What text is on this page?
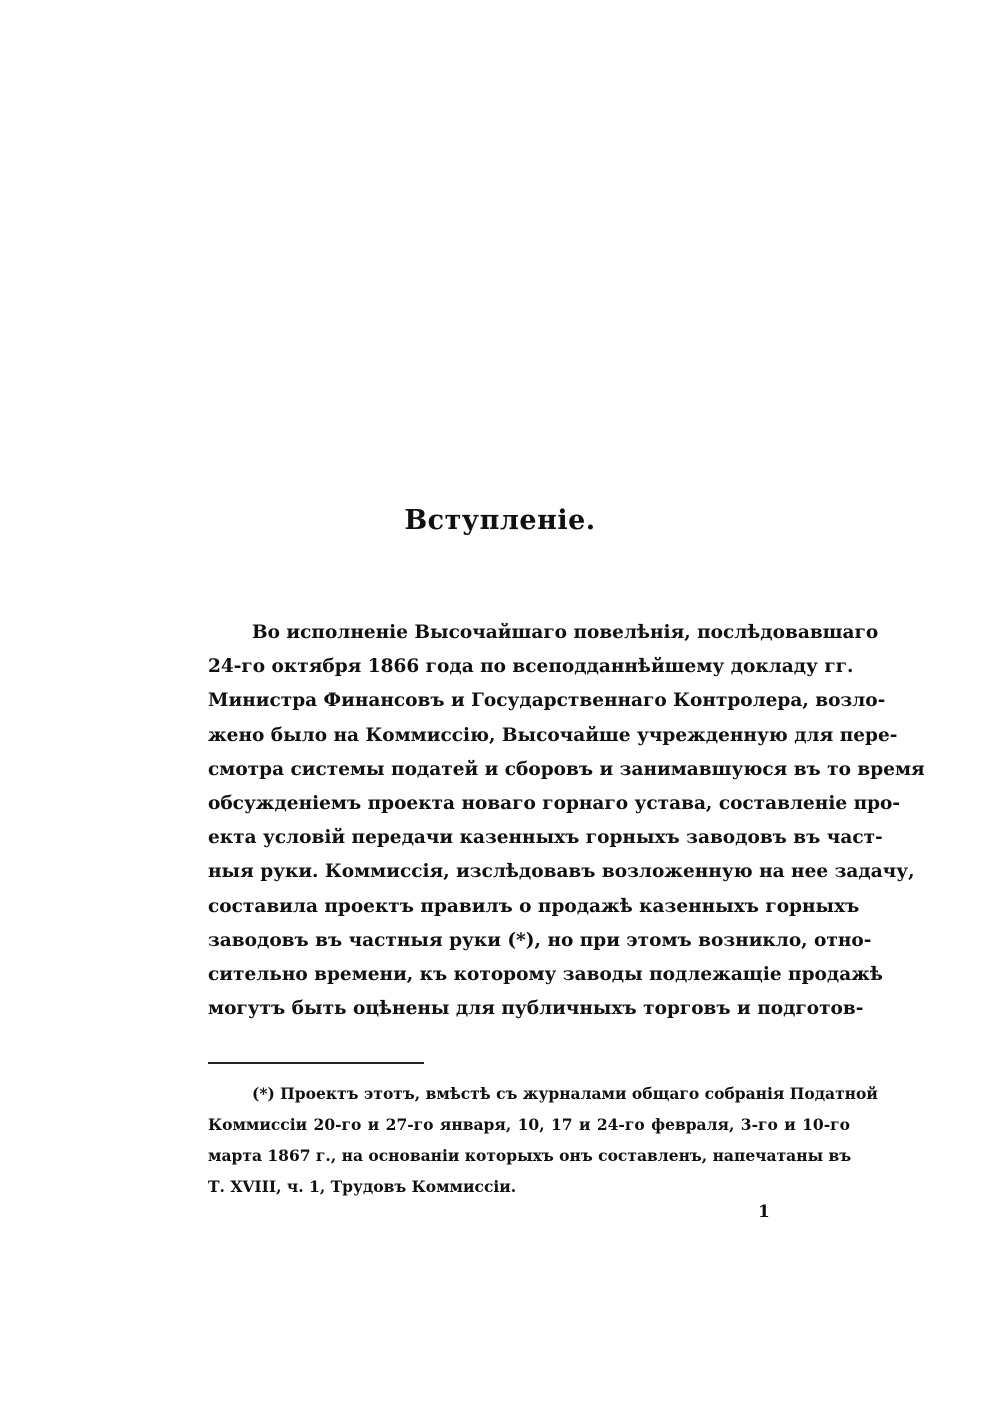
Вступленіе.
Во исполненіе Высочайшаго повелѣнія, послѣдовавшаго
24-го октября 1866 года по всеподданнѣйшему докладу гг.
Министра Финансовъ и Государственнаго Контролера, возло-
жено было на Коммиссію, Высочайше учрежденную для пере-
смотра системы податей и сборовъ и занимавшуюся въ то время
обсужденіемъ проекта новаго горнаго устава, составленіе про-
екта условій передачи казенныхъ горныхъ заводовъ въ част-
ныя руки. Коммиссія, изслѣдовавъ возложенную на нее задачу,
составила проектъ правилъ о продажѣ казенныхъ горныхъ
заводовъ въ частныя руки (*), но при этомъ возникло, отно-
сительно времени, къ которому заводы подлежащіе продажѣ
могутъ быть оцѣнены для публичныхъ торговъ и подготов-
(*) Проектъ этотъ, вмѣстѣ съ журналами общаго собранія Податной
Коммиссіи 20-го и 27-го января, 10, 17 и 24-го февраля, 3-го и 10-го
марта 1867 г., на основаніи которыхъ онъ составленъ, напечатаны въ
Т. XVIII, ч. 1, Трудовъ Коммиссіи.
1
